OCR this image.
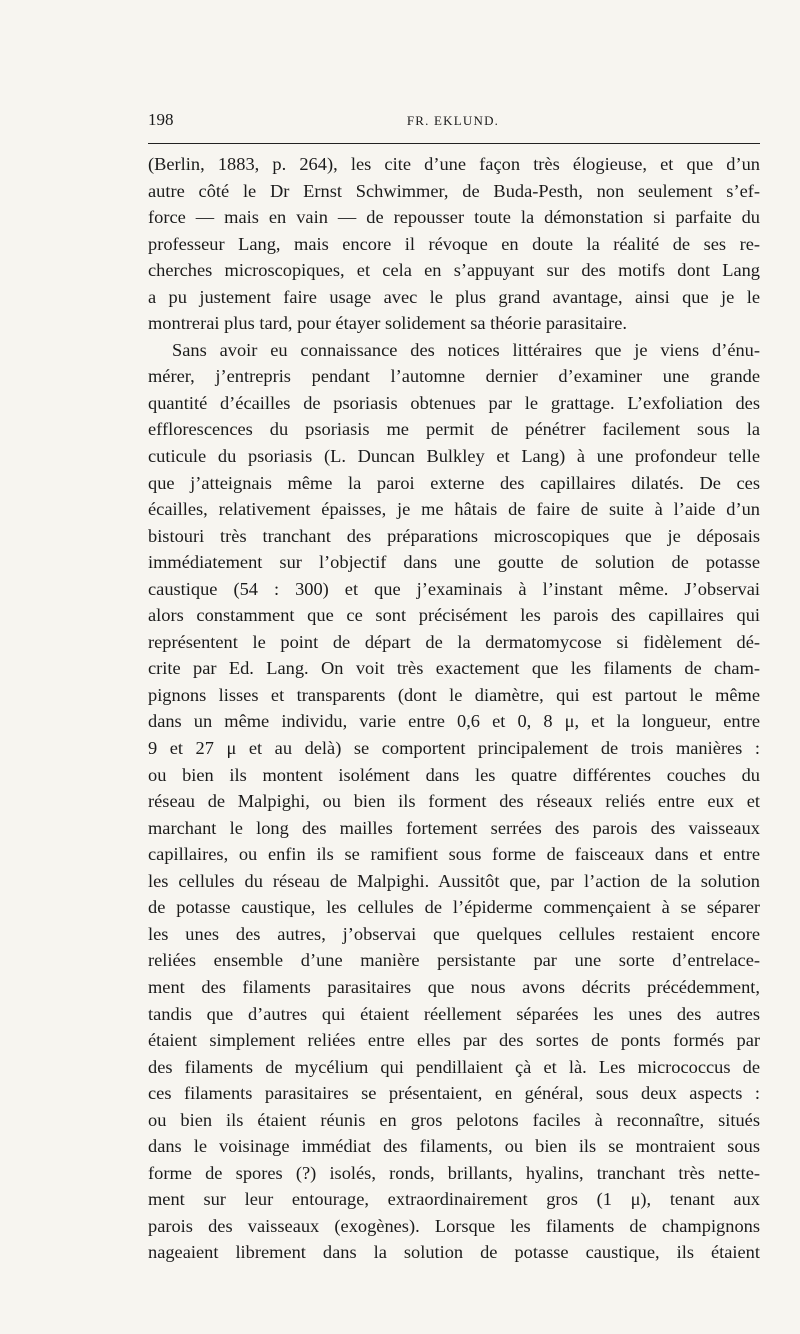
198	FR. EKLUND.
(Berlin, 1883, p. 264), les cite d’une façon très élogieuse, et que d’un
autre côté le Dr Ernst Schwimmer, de Buda-Pesth, non seulement s’ef-
force — mais en vain — de repousser toute la démonstation si parfaite du
professeur Lang, mais encore il révoque en doute la réalité de ses re-
cherches microscopiques, et cela en s’appuyant sur des motifs dont Lang
a pu justement faire usage avec le plus grand avantage, ainsi que je le
montrerai plus tard, pour étayer solidement sa théorie parasitaire.
Sans avoir eu connaissance des notices littéraires que je viens d’énu-
mérer, j’entrepris pendant l’automne dernier d’examiner une grande
quantité d’écailles de psoriasis obtenues par le grattage. L’exfoliation des
efflorescences du psoriasis me permit de pénétrer facilement sous la
cuticule du psoriasis (L. Duncan Bulkley et Lang) à une profondeur telle
que j’atteignais même la paroi externe des capillaires dilatés. De ces
écailles, relativement épaisses, je me hâtais de faire de suite à l’aide d’un
bistouri très tranchant des préparations microscopiques que je déposais
immédiatement sur l’objectif dans une goutte de solution de potasse
caustique (54 : 300) et que j’examinais à l’instant même. J’observai
alors constamment que ce sont précisément les parois des capillaires qui
représentent le point de départ de la dermatomycose si fidèlement dé-
crite par Ed. Lang. On voit très exactement que les filaments de cham-
pignons lisses et transparents (dont le diamètre, qui est partout le même
dans un même individu, varie entre 0,6 et 0, 8 μ, et la longueur, entre
9 et 27 μ et au delà) se comportent principalement de trois manières :
ou bien ils montent isolément dans les quatre différentes couches du
réseau de Malpighi, ou bien ils forment des réseaux reliés entre eux et
marchant le long des mailles fortement serrées des parois des vaisseaux
capillaires, ou enfin ils se ramifient sous forme de faisceaux dans et entre
les cellules du réseau de Malpighi. Aussitôt que, par l’action de la solution
de potasse caustique, les cellules de l’épiderme commençaient à se séparer
les unes des autres, j’observai que quelques cellules restaient encore
reliées ensemble d’une manière persistante par une sorte d’entrelace-
ment des filaments parasitaires que nous avons décrits précédemment,
tandis que d’autres qui étaient réellement séparées les unes des autres
étaient simplement reliées entre elles par des sortes de ponts formés par
des filaments de mycélium qui pendillaient çà et là. Les micrococcus de
ces filaments parasitaires se présentaient, en général, sous deux aspects :
ou bien ils étaient réunis en gros pelotons faciles à reconnaître, situés
dans le voisinage immédiat des filaments, ou bien ils se montraient sous
forme de spores (?) isolés, ronds, brillants, hyalins, tranchant très nette-
ment sur leur entourage, extraordinairement gros (1 μ), tenant aux
parois des vaisseaux (exogènes). Lorsque les filaments de champignons
nageaient librement dans la solution de potasse caustique, ils étaient
